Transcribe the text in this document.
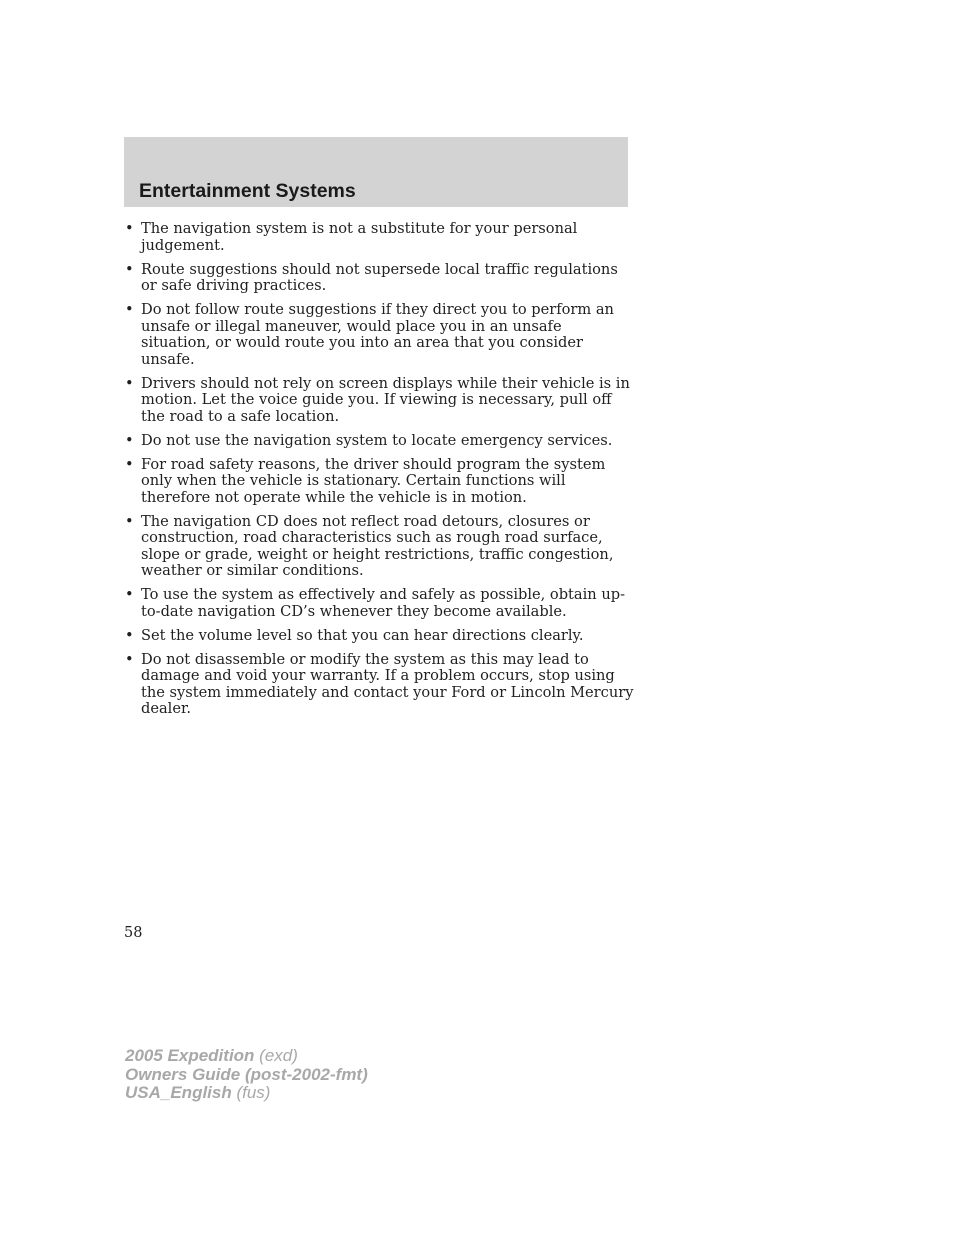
Entertainment Systems
• The navigation system is not a substitute for your personal judgement.
• Route suggestions should not supersede local traffic regulations or safe driving practices.
• Do not follow route suggestions if they direct you to perform an unsafe or illegal maneuver, would place you in an unsafe situation, or would route you into an area that you consider unsafe.
• Drivers should not rely on screen displays while their vehicle is in motion. Let the voice guide you. If viewing is necessary, pull off the road to a safe location.
• Do not use the navigation system to locate emergency services.
• For road safety reasons, the driver should program the system only when the vehicle is stationary. Certain functions will therefore not operate while the vehicle is in motion.
• The navigation CD does not reflect road detours, closures or construction, road characteristics such as rough road surface, slope or grade, weight or height restrictions, traffic congestion, weather or similar conditions.
• To use the system as effectively and safely as possible, obtain up-to-date navigation CD’s whenever they become available.
• Set the volume level so that you can hear directions clearly.
• Do not disassemble or modify the system as this may lead to damage and void your warranty. If a problem occurs, stop using the system immediately and contact your Ford or Lincoln Mercury dealer.
58
2005 Expedition (exd)
Owners Guide (post-2002-fmt)
USA_English (fus)
